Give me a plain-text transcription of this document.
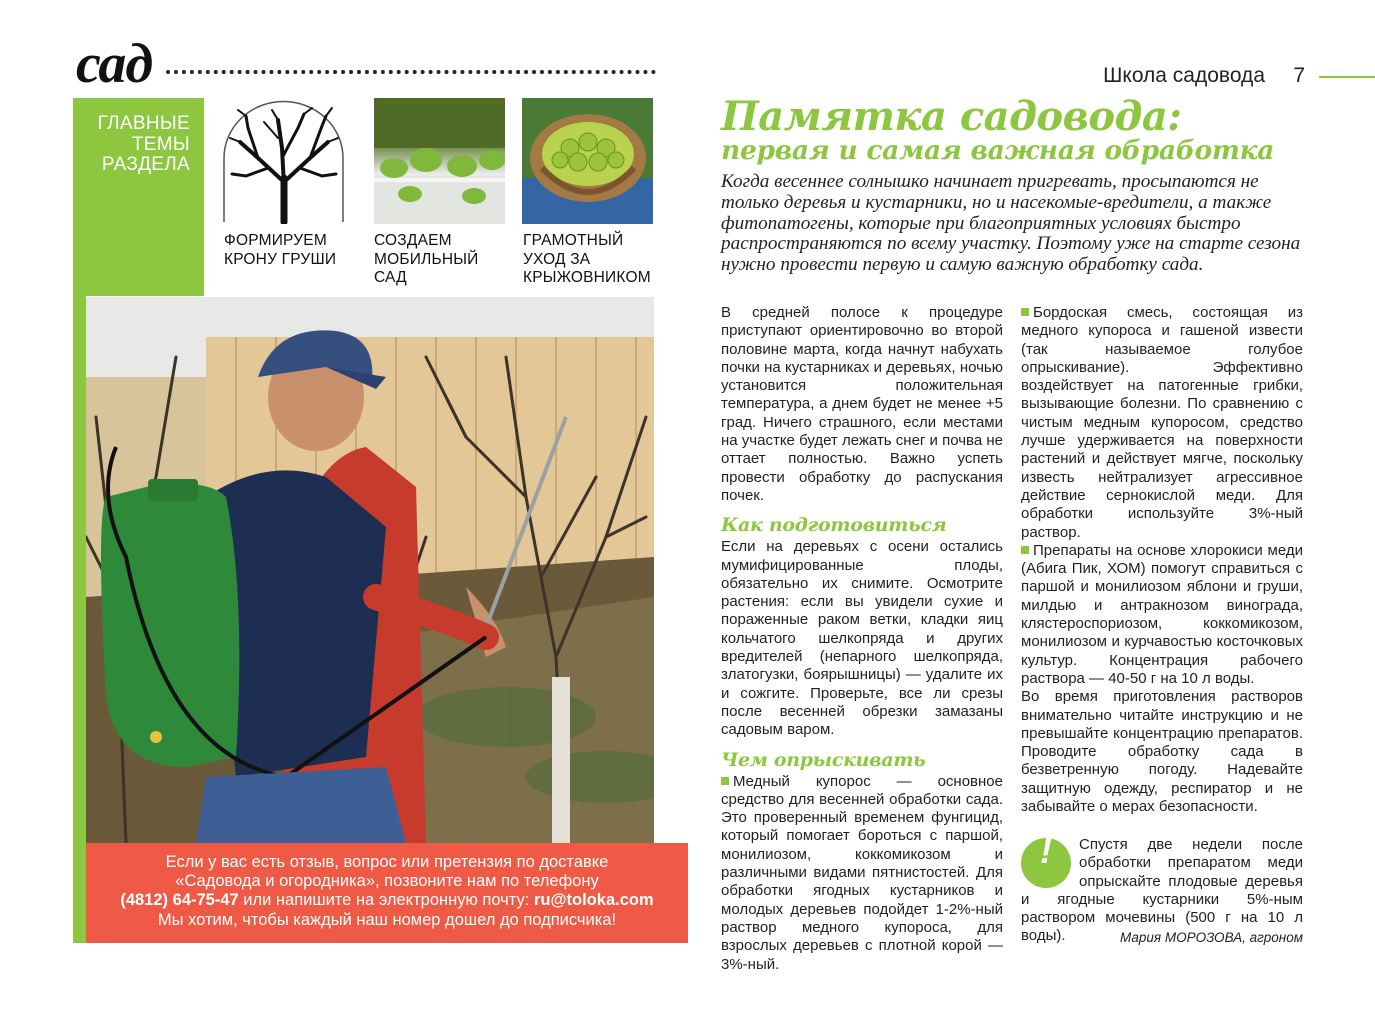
сад	Школа садовода 7
ГЛАВНЫЕ ТЕМЫ РАЗДЕЛА
ФОРМИРУЕМ КРОНУ ГРУШИ
СОЗДАЕМ МОБИЛЬНЫЙ САД
ГРАМОТНЫЙ УХОД ЗА КРЫЖОВНИКОМ
Если у вас есть отзыв, вопрос или претензия по доставке
«Садовода и огородника», позвоните нам по телефону
(4812) 64-75-47 или напишите на электронную почту: ru@toloka.com
Мы хотим, чтобы каждый наш номер дошел до подписчика!
Памятка садовода:
первая и самая важная обработка
Когда весеннее солнышко начинает пригревать, просыпаются не только деревья и кустарники, но и насекомые-вредители, а также фитопатогены, которые при благоприятных условиях быстро распространяются по всему участку. Поэтому уже на старте сезона нужно провести первую и самую важную обработку сада.

В средней полосе к процедуре приступают ориентировочно во второй половине марта, когда начнут набухать почки на кустарниках и деревьях, ночью установится положительная температура, а днем будет не менее +5 град. Ничего страшного, если местами на участке будет лежать снег и почва не оттает полностью. Важно успеть провести обработку до распускания почек.

Как подготовиться

Если на деревьях с осени остались мумифицированные плоды, обязательно их снимите. Осмотрите растения: если вы увидели сухие и пораженные раком ветки, кладки яиц кольчатого шелкопряда и других вредителей (непарного шелкопряда, златогузки, боярышницы) — удалите их и сожгите. Проверьте, все ли срезы после весенней обрезки замазаны садовым варом.

Чем опрыскивать

Медный купорос — основное средство для весенней обработки сада. Это проверенный временем фунгицид, который помогает бороться с паршой, монилиозом, коккомикозом и различными видами пятнистостей. Для обработки ягодных кустарников и молодых деревьев подойдет 1-2%-ный раствор медного купороса, для взрослых деревьев с плотной корой — 3%-ный.

Бордоская смесь, состоящая из медного купороса и гашеной извести (так называемое голубое опрыскивание). Эффективно воздействует на патогенные грибки, вызывающие болезни. По сравнению с чистым медным купоросом, средство лучше удерживается на поверхности растений и действует мягче, поскольку известь нейтрализует агрессивное действие сернокислой меди. Для обработки используйте 3%-ный раствор.

Препараты на основе хлорокиси меди (Абига Пик, ХОМ) помогут справиться с паршой и монилиозом яблони и груши, милдью и антракнозом винограда, клястероспориозом, коккомикозом, монилиозом и курчавостью косточковых культур. Концентрация рабочего раствора — 40-50 г на 10 л воды.

Во время приготовления растворов внимательно читайте инструкцию и не превышайте концентрацию препаратов. Проводите обработку сада в безветренную погоду. Надевайте защитную одежду, респиратор и не забывайте о мерах безопасности.

!	Спустя две недели после обработки препаратом меди опрыскайте плодовые деревья и ягодные кустарники 5%-ным раствором мочевины (500 г на 10 л воды).	Мария МОРОЗОВА, агроном
